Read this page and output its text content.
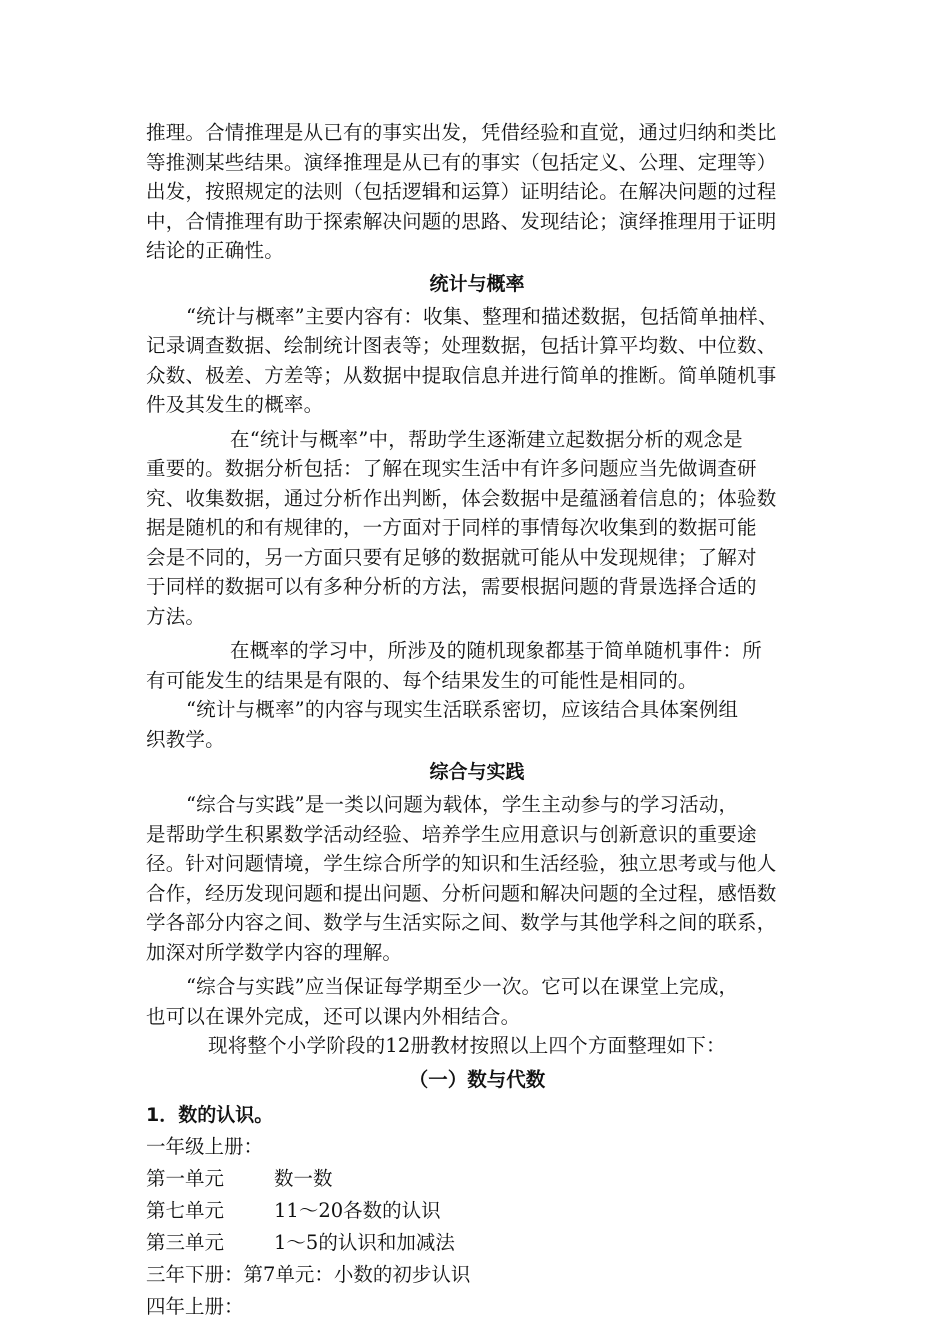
推理。合情推理是从已有的事实出发，凭借经验和直觉，通过归纳和类比
等推测某些结果。演绎推理是从已有的事实（包括定义、公理、定理等）
出发，按照规定的法则（包括逻辑和运算）证明结论。在解决问题的过程
中，合情推理有助于探索解决问题的思路、发现结论；演绎推理用于证明
结论的正确性。
统计与概率
“统计与概率”主要内容有：收集、整理和描述数据，包括简单抽样、
记录调查数据、绘制统计图表等；处理数据，包括计算平均数、中位数、
众数、极差、方差等；从数据中提取信息并进行简单的推断。简单随机事
件及其发生的概率。
在“统计与概率”中，帮助学生逐渐建立起数据分析的观念是
重要的。数据分析包括：了解在现实生活中有许多问题应当先做调查研
究、收集数据，通过分析作出判断，体会数据中是蕴涵着信息的；体验数
据是随机的和有规律的，一方面对于同样的事情每次收集到的数据可能
会是不同的，另一方面只要有足够的数据就可能从中发现规律；了解对
于同样的数据可以有多种分析的方法，需要根据问题的背景选择合适的
方法。
在概率的学习中，所涉及的随机现象都基于简单随机事件：所
有可能发生的结果是有限的、每个结果发生的可能性是相同的。
“统计与概率”的内容与现实生活联系密切，应该结合具体案例组
织教学。
综合与实践
“综合与实践”是一类以问题为载体，学生主动参与的学习活动，
是帮助学生积累数学活动经验、培养学生应用意识与创新意识的重要途
径。针对问题情境，学生综合所学的知识和生活经验，独立思考或与他人
合作，经历发现问题和提出问题、分析问题和解决问题的全过程，感悟数
学各部分内容之间、数学与生活实际之间、数学与其他学科之间的联系，
加深对所学数学内容的理解。
“综合与实践”应当保证每学期至少一次。它可以在课堂上完成，
也可以在课外完成，还可以课内外相结合。
现将整个小学阶段的12册教材按照以上四个方面整理如下：
（一）数与代数
1．数的认识。
一年级上册：
第一单元	数一数
第七单元	11～20各数的认识
第三单元	1～5的认识和加减法
三年下册：第7单元：小数的初步认识
四年上册：
